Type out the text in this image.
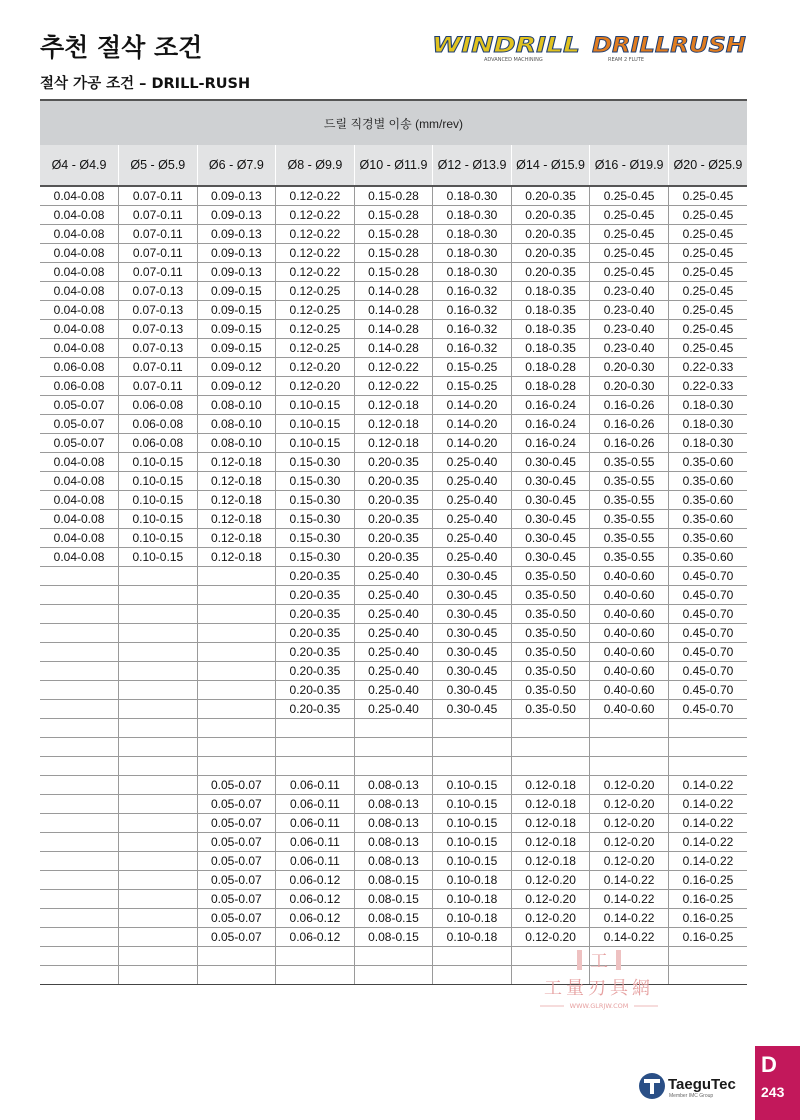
추천 절삭 조건	WINDRILL
ADVANCED MACHINING
DRILLRUSH
REAM 2 FLUTE
절삭 가공 조건 – DRILL-RUSH
드릴 직경별 이송 (mm/rev)								
Ø4 - Ø4.9	Ø5 - Ø5.9	Ø6 - Ø7.9	Ø8 - Ø9.9	Ø10 - Ø11.9	Ø12 - Ø13.9	Ø14 - Ø15.9	Ø16 - Ø19.9	Ø20 - Ø25.9
0.04-0.08	0.07-0.11	0.09-0.13	0.12-0.22	0.15-0.28	0.18-0.30	0.20-0.35	0.25-0.45	0.25-0.45
0.04-0.08	0.07-0.11	0.09-0.13	0.12-0.22	0.15-0.28	0.18-0.30	0.20-0.35	0.25-0.45	0.25-0.45
0.04-0.08	0.07-0.11	0.09-0.13	0.12-0.22	0.15-0.28	0.18-0.30	0.20-0.35	0.25-0.45	0.25-0.45
0.04-0.08	0.07-0.11	0.09-0.13	0.12-0.22	0.15-0.28	0.18-0.30	0.20-0.35	0.25-0.45	0.25-0.45
0.04-0.08	0.07-0.11	0.09-0.13	0.12-0.22	0.15-0.28	0.18-0.30	0.20-0.35	0.25-0.45	0.25-0.45
0.04-0.08	0.07-0.13	0.09-0.15	0.12-0.25	0.14-0.28	0.16-0.32	0.18-0.35	0.23-0.40	0.25-0.45
0.04-0.08	0.07-0.13	0.09-0.15	0.12-0.25	0.14-0.28	0.16-0.32	0.18-0.35	0.23-0.40	0.25-0.45
0.04-0.08	0.07-0.13	0.09-0.15	0.12-0.25	0.14-0.28	0.16-0.32	0.18-0.35	0.23-0.40	0.25-0.45
0.04-0.08	0.07-0.13	0.09-0.15	0.12-0.25	0.14-0.28	0.16-0.32	0.18-0.35	0.23-0.40	0.25-0.45
0.06-0.08	0.07-0.11	0.09-0.12	0.12-0.20	0.12-0.22	0.15-0.25	0.18-0.28	0.20-0.30	0.22-0.33
0.06-0.08	0.07-0.11	0.09-0.12	0.12-0.20	0.12-0.22	0.15-0.25	0.18-0.28	0.20-0.30	0.22-0.33
0.05-0.07	0.06-0.08	0.08-0.10	0.10-0.15	0.12-0.18	0.14-0.20	0.16-0.24	0.16-0.26	0.18-0.30
0.05-0.07	0.06-0.08	0.08-0.10	0.10-0.15	0.12-0.18	0.14-0.20	0.16-0.24	0.16-0.26	0.18-0.30
0.05-0.07	0.06-0.08	0.08-0.10	0.10-0.15	0.12-0.18	0.14-0.20	0.16-0.24	0.16-0.26	0.18-0.30
0.04-0.08	0.10-0.15	0.12-0.18	0.15-0.30	0.20-0.35	0.25-0.40	0.30-0.45	0.35-0.55	0.35-0.60
0.04-0.08	0.10-0.15	0.12-0.18	0.15-0.30	0.20-0.35	0.25-0.40	0.30-0.45	0.35-0.55	0.35-0.60
0.04-0.08	0.10-0.15	0.12-0.18	0.15-0.30	0.20-0.35	0.25-0.40	0.30-0.45	0.35-0.55	0.35-0.60
0.04-0.08	0.10-0.15	0.12-0.18	0.15-0.30	0.20-0.35	0.25-0.40	0.30-0.45	0.35-0.55	0.35-0.60
0.04-0.08	0.10-0.15	0.12-0.18	0.15-0.30	0.20-0.35	0.25-0.40	0.30-0.45	0.35-0.55	0.35-0.60
0.04-0.08	0.10-0.15	0.12-0.18	0.15-0.30	0.20-0.35	0.25-0.40	0.30-0.45	0.35-0.55	0.35-0.60
			0.20-0.35	0.25-0.40	0.30-0.45	0.35-0.50	0.40-0.60	0.45-0.70
			0.20-0.35	0.25-0.40	0.30-0.45	0.35-0.50	0.40-0.60	0.45-0.70
			0.20-0.35	0.25-0.40	0.30-0.45	0.35-0.50	0.40-0.60	0.45-0.70
			0.20-0.35	0.25-0.40	0.30-0.45	0.35-0.50	0.40-0.60	0.45-0.70
			0.20-0.35	0.25-0.40	0.30-0.45	0.35-0.50	0.40-0.60	0.45-0.70
			0.20-0.35	0.25-0.40	0.30-0.45	0.35-0.50	0.40-0.60	0.45-0.70
			0.20-0.35	0.25-0.40	0.30-0.45	0.35-0.50	0.40-0.60	0.45-0.70
			0.20-0.35	0.25-0.40	0.30-0.45	0.35-0.50	0.40-0.60	0.45-0.70

		0.05-0.07	0.06-0.11	0.08-0.13	0.10-0.15	0.12-0.18	0.12-0.20	0.14-0.22
		0.05-0.07	0.06-0.11	0.08-0.13	0.10-0.15	0.12-0.18	0.12-0.20	0.14-0.22
		0.05-0.07	0.06-0.11	0.08-0.13	0.10-0.15	0.12-0.18	0.12-0.20	0.14-0.22
		0.05-0.07	0.06-0.11	0.08-0.13	0.10-0.15	0.12-0.18	0.12-0.20	0.14-0.22
		0.05-0.07	0.06-0.11	0.08-0.13	0.10-0.15	0.12-0.18	0.12-0.20	0.14-0.22
		0.05-0.07	0.06-0.12	0.08-0.15	0.10-0.18	0.12-0.20	0.14-0.22	0.16-0.25
		0.05-0.07	0.06-0.12	0.08-0.15	0.10-0.18	0.12-0.20	0.14-0.22	0.16-0.25
		0.05-0.07	0.06-0.12	0.08-0.15	0.10-0.18	0.12-0.20	0.14-0.22	0.16-0.25
		0.05-0.07	0.06-0.12	0.08-0.15	0.10-0.18	0.12-0.20	0.14-0.22	0.16-0.25

工
工量刃具網
WWW.GLRJW.COM
TaeguTec
Member IMC Group
D
243
